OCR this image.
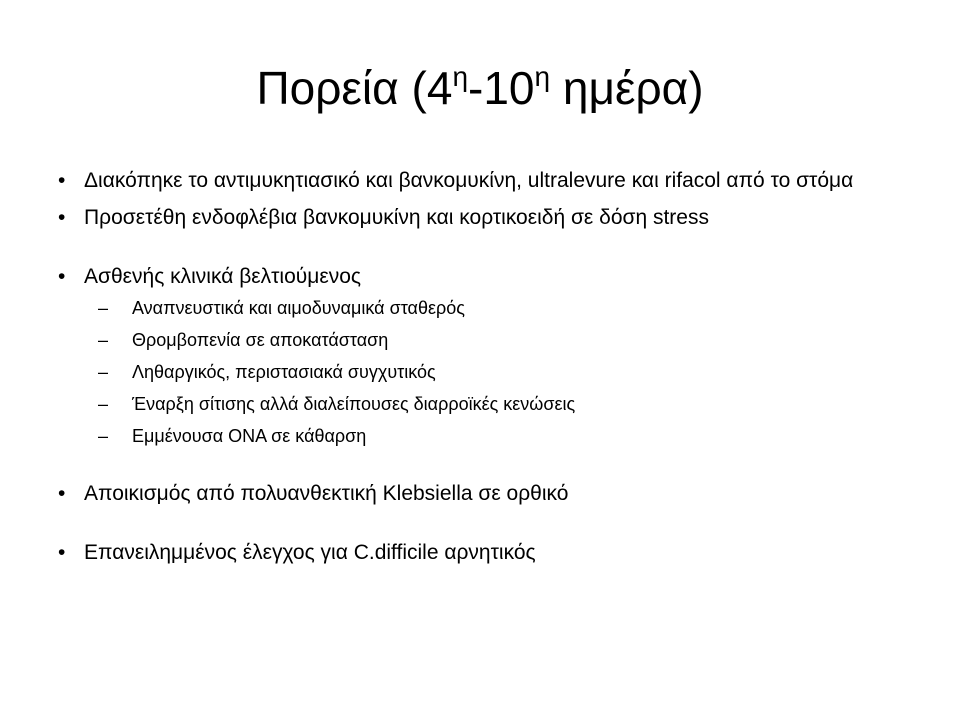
Πορεία ($4^\eta-10^\eta$ ημέρα)
• Διακόπηκε το αντιμυκητιασικό και βανκομυκίνη, ultralevure και rifacol από το στόμα
• Προσετέθη ενδοφλέβια βανκομυκίνη και κορτικοειδή σε δόση stress
• Ασθενής κλινικά βελτιούμενος
– Αναπνευστικά και αιμοδυναμικά σταθερός
– Θρομβοπενία σε αποκατάσταση
– Ληθαργικός, περιστασιακά συγχυτικός
– Έναρξη σίτισης αλλά διαλείπουσες διαρροϊκές κενώσεις
– Εμμένουσα ΟΝΑ σε κάθαρση
• Αποικισμός από πολυανθεκτική Klebsiella σε ορθικό
• Επανειλημμένος έλεγχος για C.difficile αρνητικός
